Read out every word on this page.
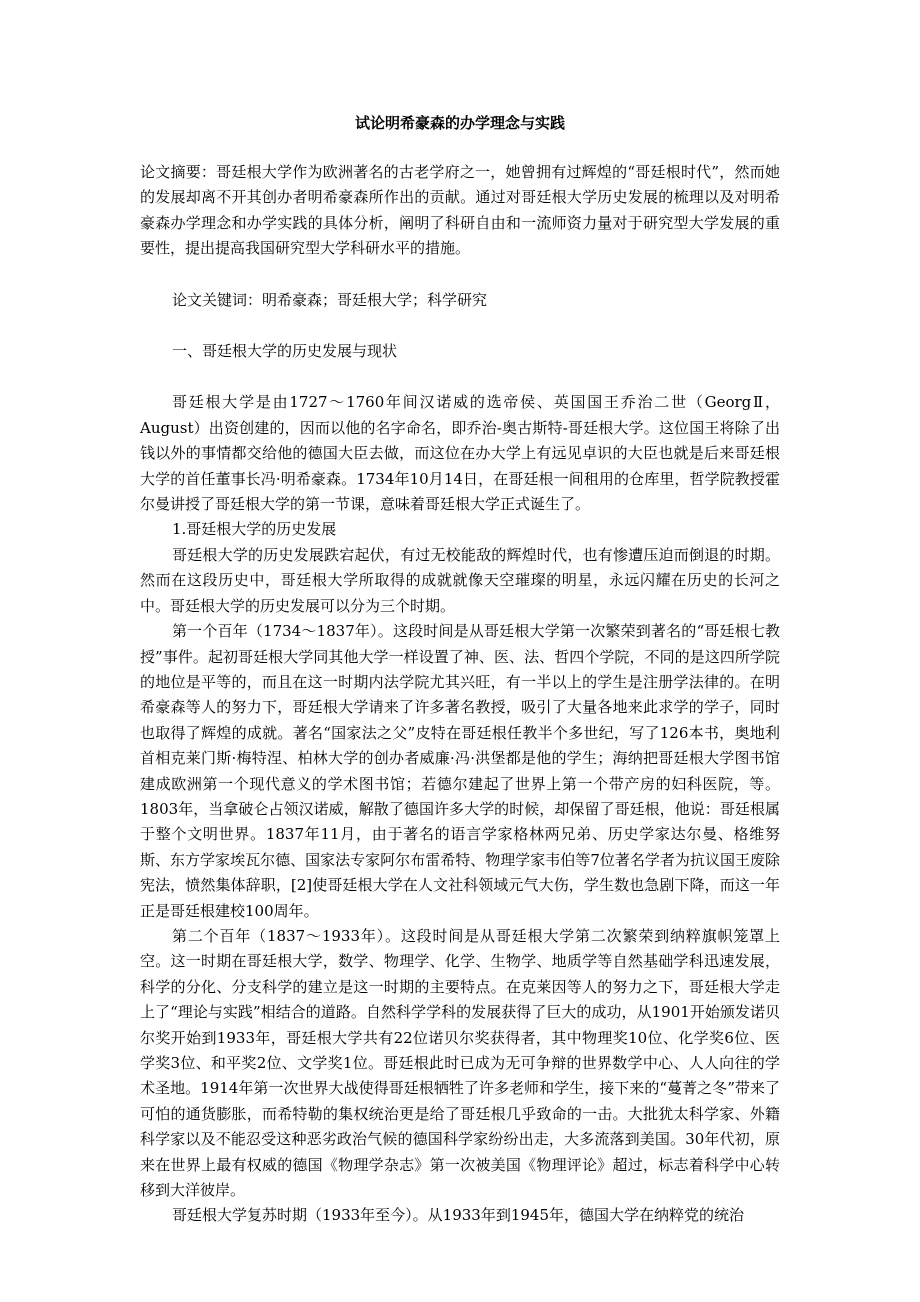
试论明希豪森的办学理念与实践

论文摘要：哥廷根大学作为欧洲著名的古老学府之一，她曾拥有过辉煌的“哥廷根时代”，然而她的发展却离不开其创办者明希豪森所作出的贡献。通过对哥廷根大学历史发展的梳理以及对明希豪森办学理念和办学实践的具体分析，阐明了科研自由和一流师资力量对于研究型大学发展的重要性，提出提高我国研究型大学科研水平的措施。

论文关键词：明希豪森；哥廷根大学；科学研究

一、哥廷根大学的历史发展与现状

哥廷根大学是由1727～1760年间汉诺威的选帝侯、英国国王乔治二世（GeorgⅡ，August）出资创建的，因而以他的名字命名，即乔治-奥古斯特-哥廷根大学。这位国王将除了出钱以外的事情都交给他的德国大臣去做，而这位在办大学上有远见卓识的大臣也就是后来哥廷根大学的首任董事长冯·明希豪森。1734年10月14日，在哥廷根一间租用的仓库里，哲学院教授霍尔曼讲授了哥廷根大学的第一节课，意味着哥廷根大学正式诞生了。

1.哥廷根大学的历史发展

哥廷根大学的历史发展跌宕起伏，有过无校能敌的辉煌时代，也有惨遭压迫而倒退的时期。然而在这段历史中，哥廷根大学所取得的成就就像天空璀璨的明星，永远闪耀在历史的长河之中。哥廷根大学的历史发展可以分为三个时期。

第一个百年（1734～1837年）。这段时间是从哥廷根大学第一次繁荣到著名的“哥廷根七教授”事件。起初哥廷根大学同其他大学一样设置了神、医、法、哲四个学院，不同的是这四所学院的地位是平等的，而且在这一时期内法学院尤其兴旺，有一半以上的学生是注册学法律的。在明希豪森等人的努力下，哥廷根大学请来了许多著名教授，吸引了大量各地来此求学的学子，同时也取得了辉煌的成就。著名“国家法之父”皮特在哥廷根任教半个多世纪，写了126本书，奥地利首相克莱门斯·梅特涅、柏林大学的创办者威廉·冯·洪堡都是他的学生；海纳把哥廷根大学图书馆建成欧洲第一个现代意义的学术图书馆；若德尔建起了世界上第一个带产房的妇科医院，等。1803年，当拿破仑占领汉诺威，解散了德国许多大学的时候，却保留了哥廷根，他说：哥廷根属于整个文明世界。1837年11月，由于著名的语言学家格林两兄弟、历史学家达尔曼、格维努斯、东方学家埃瓦尔德、国家法专家阿尔布雷希特、物理学家韦伯等7位著名学者为抗议国王废除宪法，愤然集体辞职，[2]使哥廷根大学在人文社科领域元气大伤，学生数也急剧下降，而这一年正是哥廷根建校100周年。

第二个百年（1837～1933年）。这段时间是从哥廷根大学第二次繁荣到纳粹旗帜笼罩上空。这一时期在哥廷根大学，数学、物理学、化学、生物学、地质学等自然基础学科迅速发展，科学的分化、分支科学的建立是这一时期的主要特点。在克莱因等人的努力之下，哥廷根大学走上了“理论与实践”相结合的道路。自然科学学科的发展获得了巨大的成功，从1901开始颁发诺贝尔奖开始到1933年，哥廷根大学共有22位诺贝尔奖获得者，其中物理奖10位、化学奖6位、医学奖3位、和平奖2位、文学奖1位。哥廷根此时已成为无可争辩的世界数学中心、人人向往的学术圣地。1914年第一次世界大战使得哥廷根牺牲了许多老师和学生，接下来的“蔓菁之冬”带来了可怕的通货膨胀，而希特勒的集权统治更是给了哥廷根几乎致命的一击。大批犹太科学家、外籍科学家以及不能忍受这种恶劣政治气候的德国科学家纷纷出走，大多流落到美国。30年代初，原来在世界上最有权威的德国《物理学杂志》第一次被美国《物理评论》超过，标志着科学中心转移到大洋彼岸。

哥廷根大学复苏时期（1933年至今）。从1933年到1945年，德国大学在纳粹党的统治
